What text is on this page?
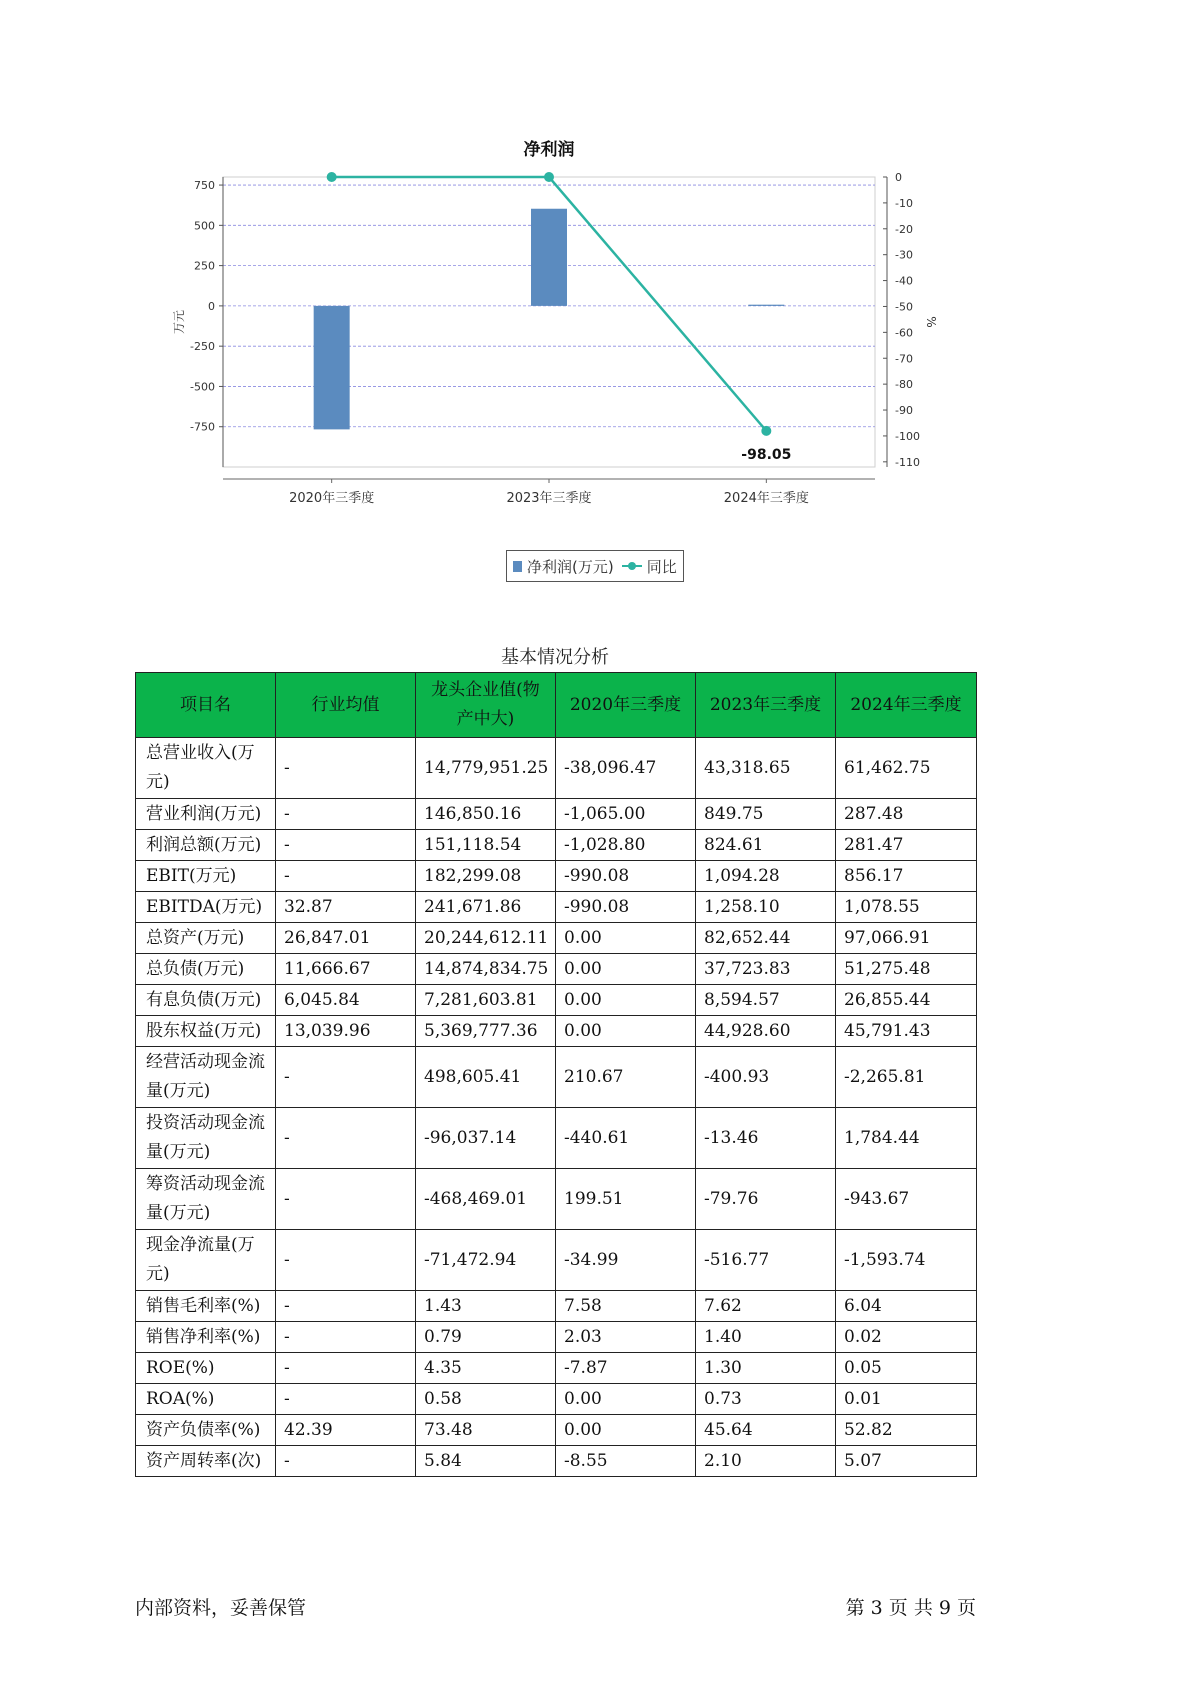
净利润
750
500
250
0
-250
-500
-750
0
-10
-20
-30
-40
-50
-60
-70
-80
-90
-100
-110
万元	%
2020年三季度	2023年三季度	2024年三季度
-98.05
净利润(万元) 同比
基本情况分析
项目名	行业均值	龙头企业值(物产中大)	2020年三季度	2023年三季度	2024年三季度
总营业收入(万元)	-	14,779,951.25	-38,096.47	43,318.65	61,462.75
营业利润(万元)	-	146,850.16	-1,065.00	849.75	287.48
利润总额(万元)	-	151,118.54	-1,028.80	824.61	281.47
EBIT(万元)	-	182,299.08	-990.08	1,094.28	856.17
EBITDA(万元)	32.87	241,671.86	-990.08	1,258.10	1,078.55
总资产(万元)	26,847.01	20,244,612.11	0.00	82,652.44	97,066.91
总负债(万元)	11,666.67	14,874,834.75	0.00	37,723.83	51,275.48
有息负债(万元)	6,045.84	7,281,603.81	0.00	8,594.57	26,855.44
股东权益(万元)	13,039.96	5,369,777.36	0.00	44,928.60	45,791.43
经营活动现金流量(万元)	-	498,605.41	210.67	-400.93	-2,265.81
投资活动现金流量(万元)	-	-96,037.14	-440.61	-13.46	1,784.44
筹资活动现金流量(万元)	-	-468,469.01	199.51	-79.76	-943.67
现金净流量(万元)	-	-71,472.94	-34.99	-516.77	-1,593.74
销售毛利率(%)	-	1.43	7.58	7.62	6.04
销售净利率(%)	-	0.79	2.03	1.40	0.02
ROE(%)	-	4.35	-7.87	1.30	0.05
ROA(%)	-	0.58	0.00	0.73	0.01
资产负债率(%)	42.39	73.48	0.00	45.64	52.82
资产周转率(次)	-	5.84	-8.55	2.10	5.07
内部资料，妥善保管	第 3 页 共 9 页
